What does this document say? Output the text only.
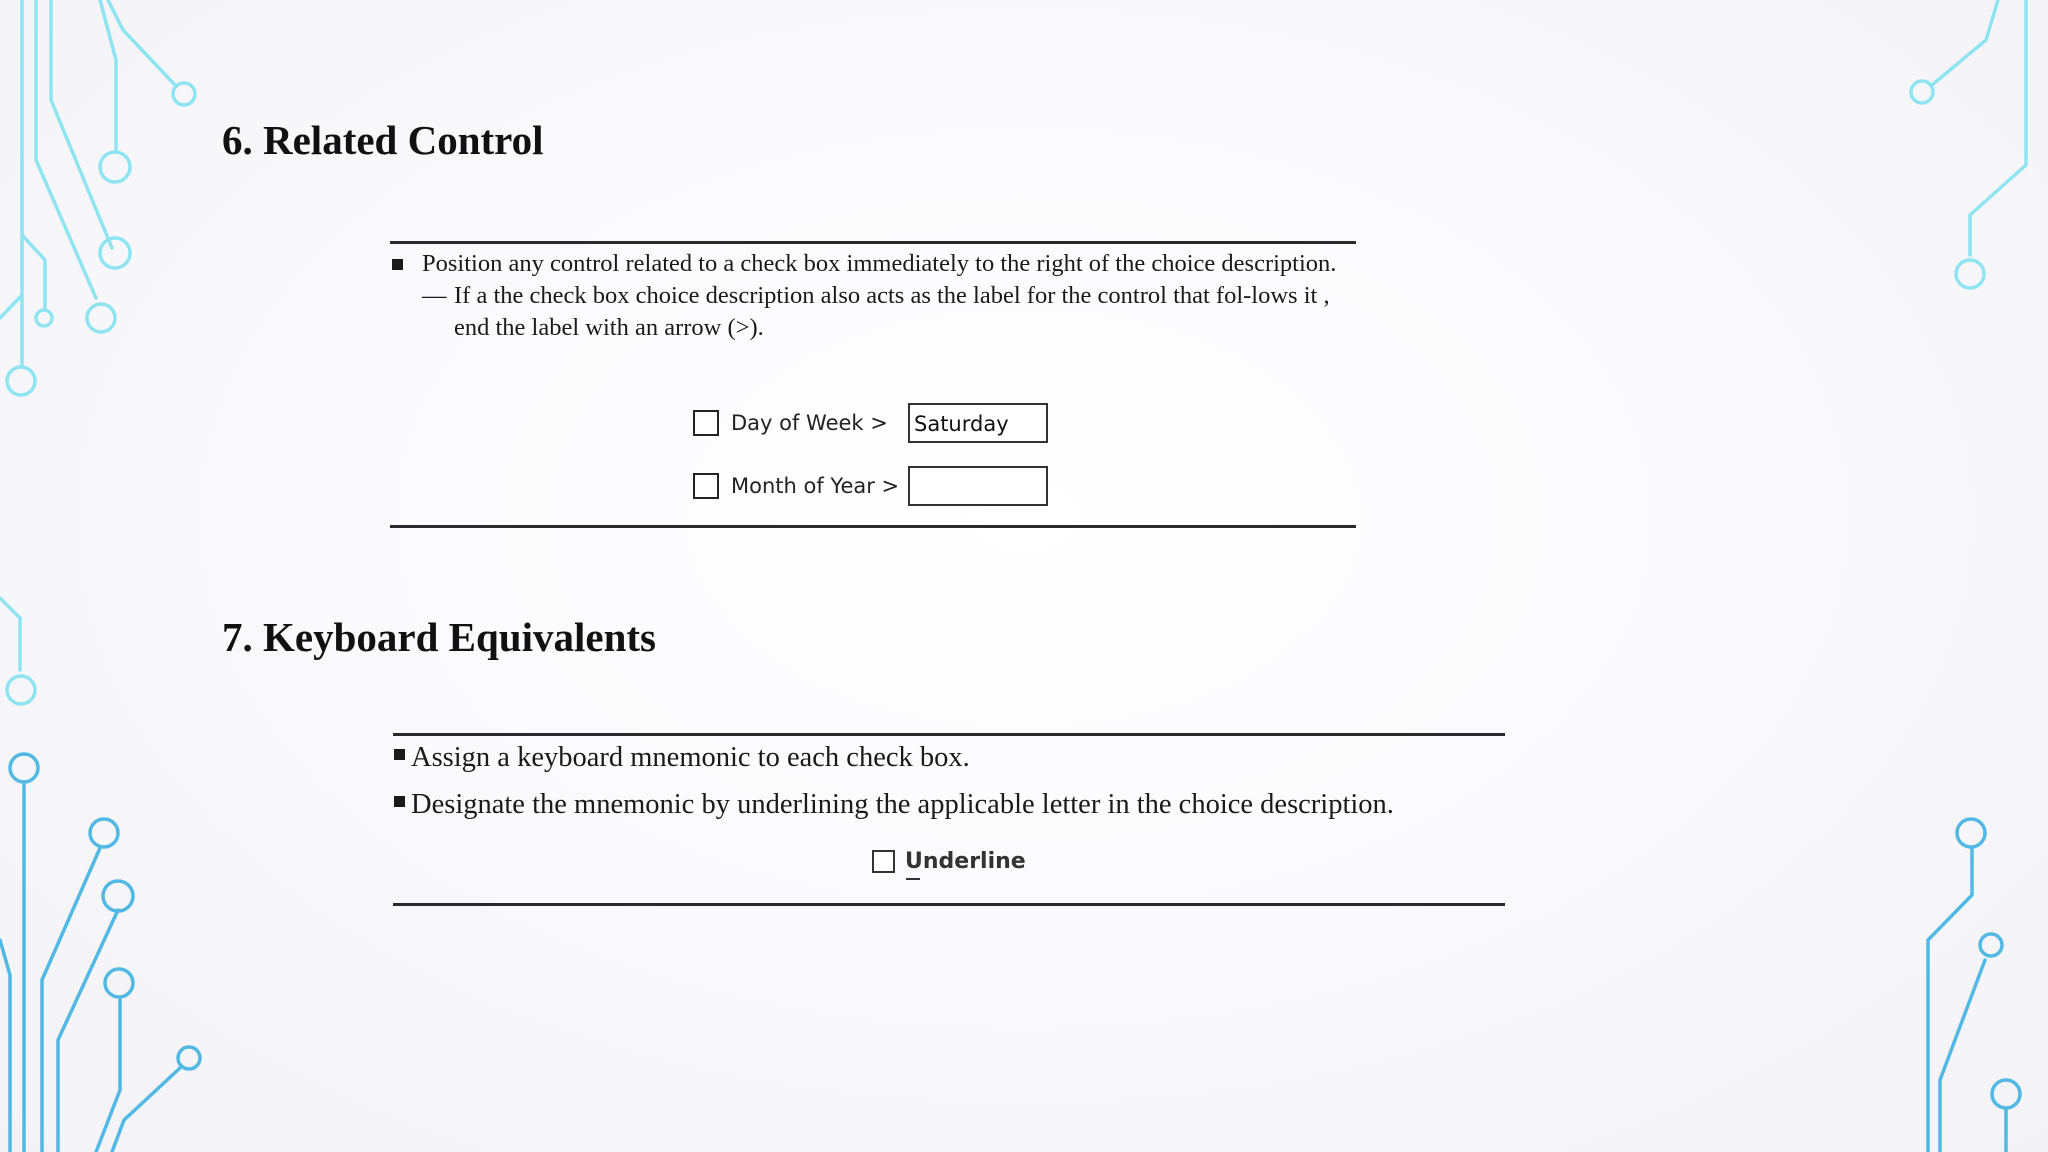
6. Related Control
Position any control related to a check box immediately to the right of the choice description.
— If a the check box choice description also acts as the label for the control that fol-lows it , end the label with an arrow (>).
Day of Week >	Saturday
Month of Year >
7. Keyboard Equivalents
Assign a keyboard mnemonic to each check box.
Designate the mnemonic by underlining the applicable letter in the choice description.
Underline
